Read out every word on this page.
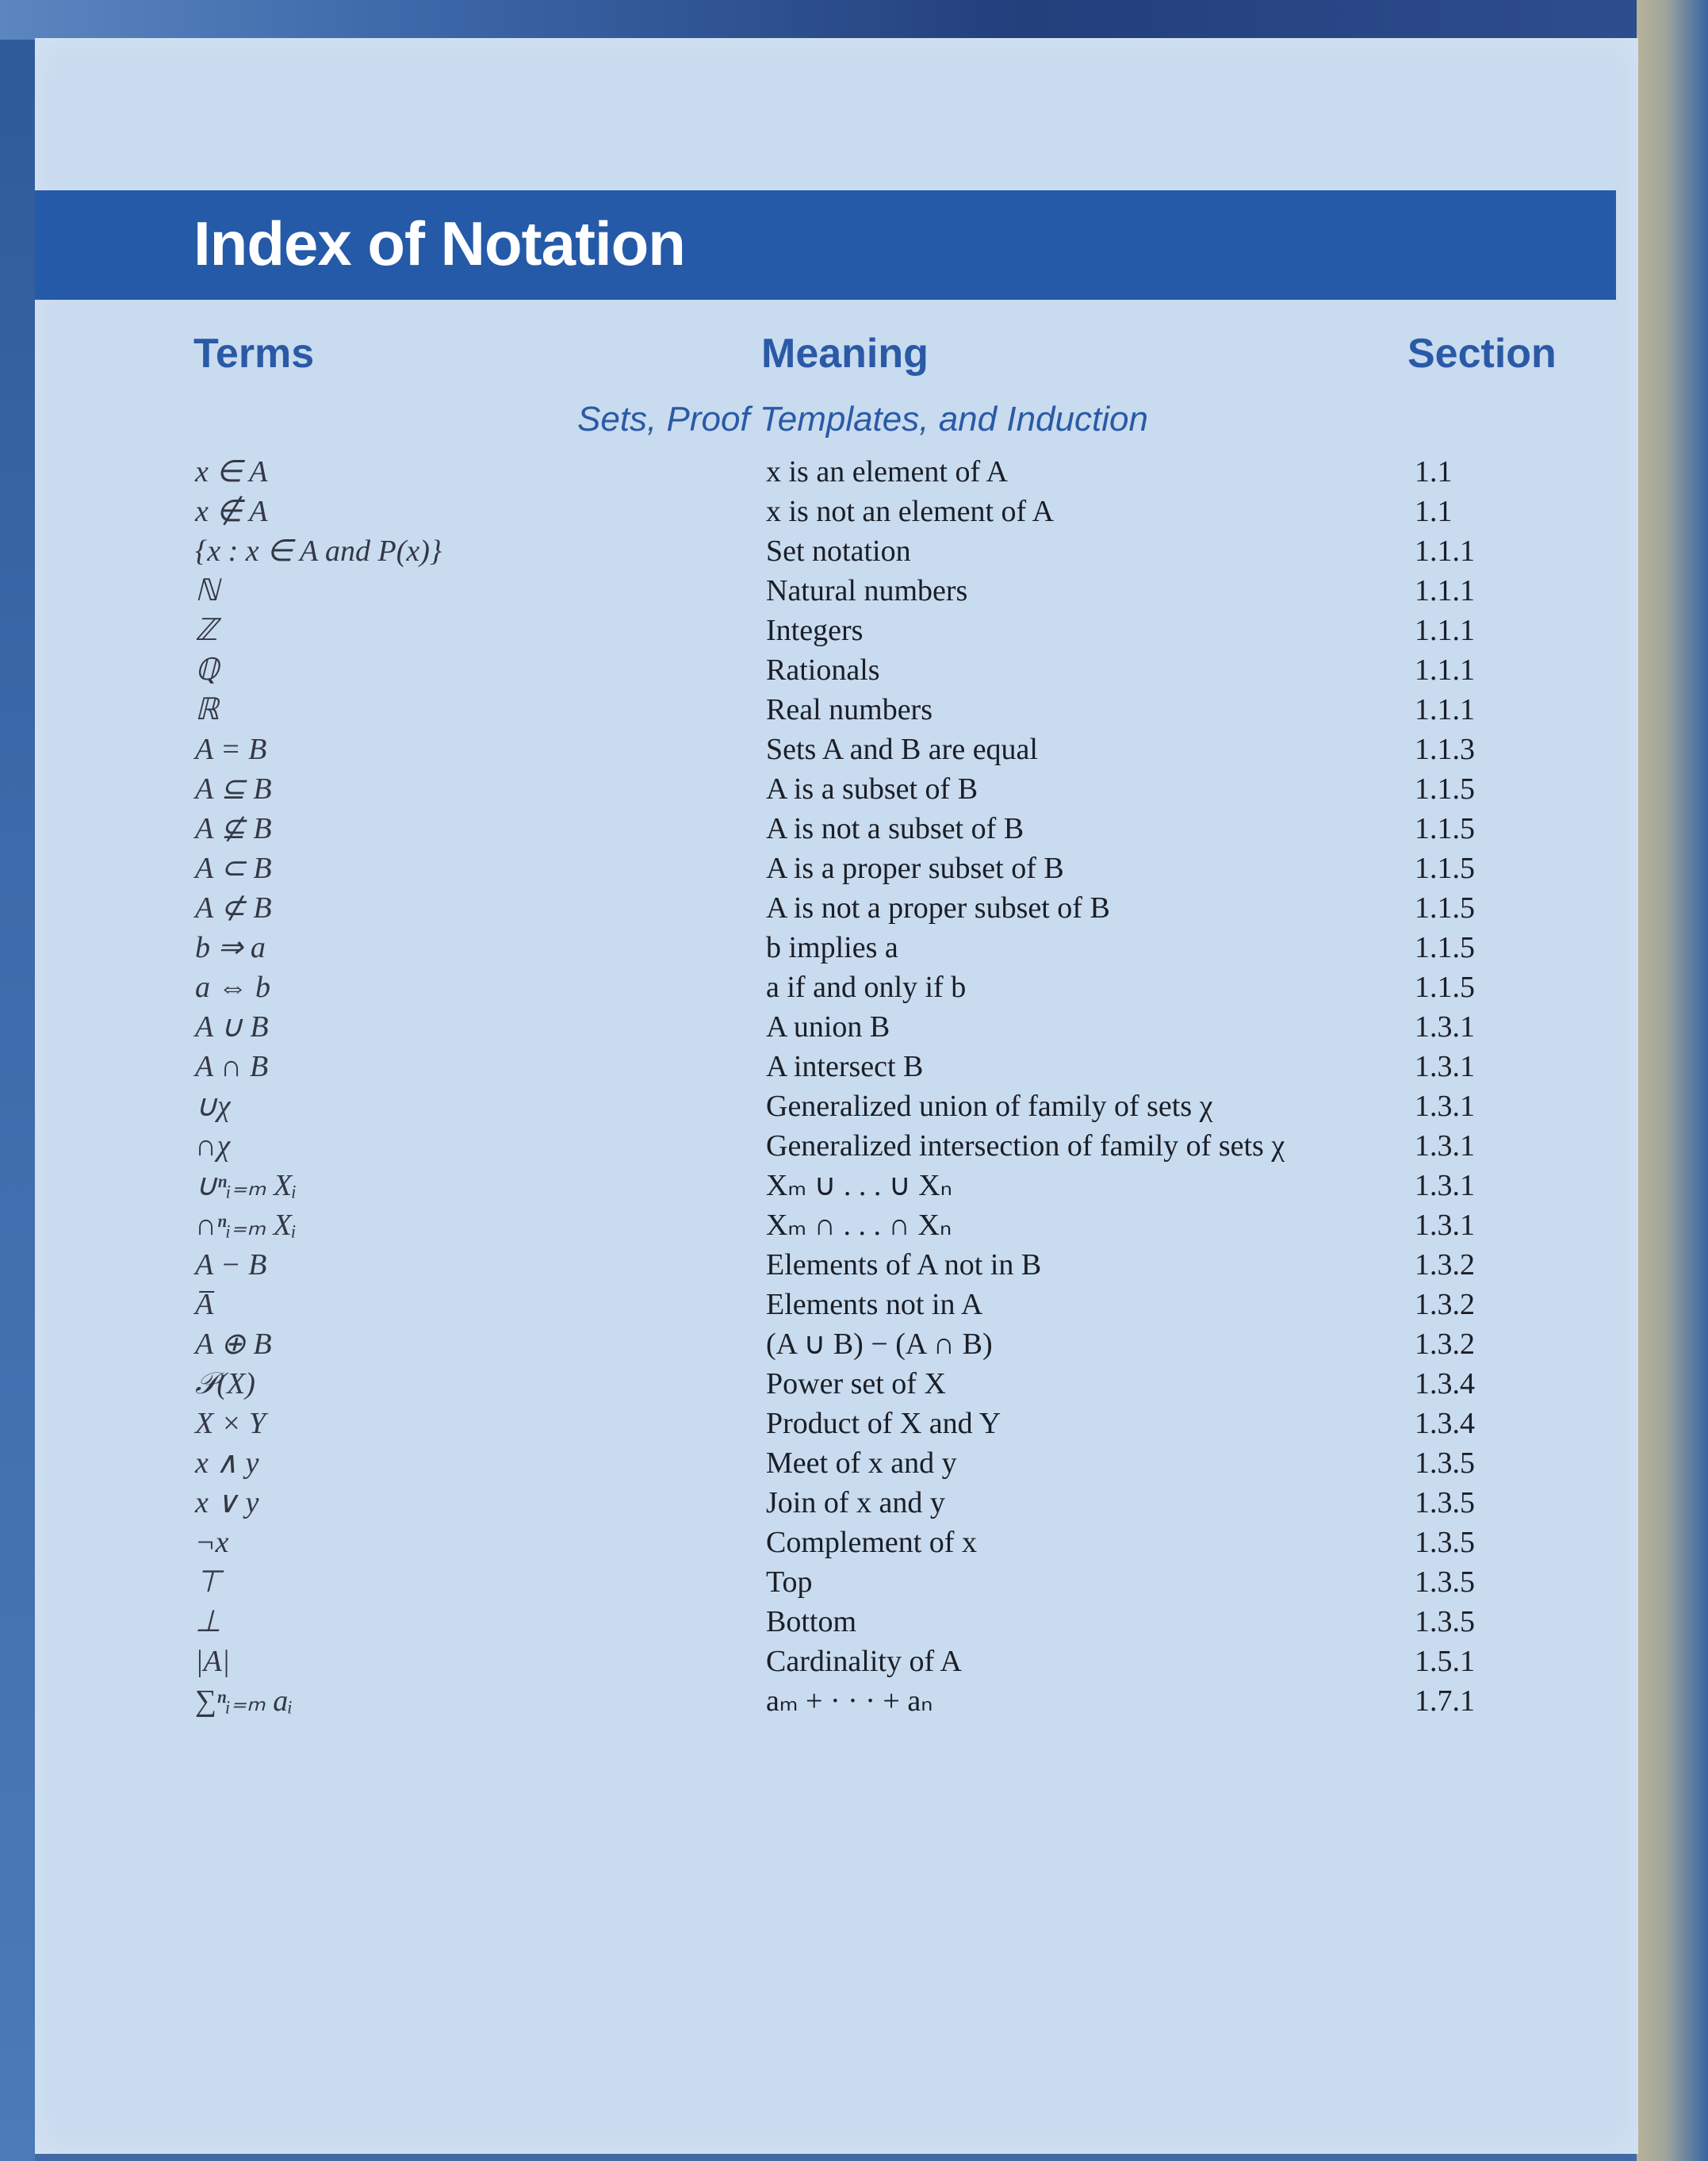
Index of Notation
Terms	Meaning	Section
Sets, Proof Templates, and Induction
x ∈ A	x is an element of A	1.1
x ∉ A	x is not an element of A	1.1
{x : x ∈ A and P(x)}	Set notation	1.1.1
ℕ	Natural numbers	1.1.1
ℤ	Integers	1.1.1
ℚ	Rationals	1.1.1
ℝ	Real numbers	1.1.1
A = B	Sets A and B are equal	1.1.3
A ⊆ B	A is a subset of B	1.1.5
A ⊈ B	A is not a subset of B	1.1.5
A ⊂ B	A is a proper subset of B	1.1.5
A ⊄ B	A is not a proper subset of B	1.1.5
b ⇒ a	b implies a	1.1.5
a ⇔ b	a if and only if b	1.1.5
A ∪ B	A union B	1.3.1
A ∩ B	A intersect B	1.3.1
∪χ	Generalized union of family of sets χ	1.3.1
∩χ	Generalized intersection of family of sets χ	1.3.1
∪ⁿᵢ₌ₘ Xᵢ	Xₘ ∪ . . . ∪ Xₙ	1.3.1
∩ⁿᵢ₌ₘ Xᵢ	Xₘ ∩ . . . ∩ Xₙ	1.3.1
A − B	Elements of A not in B	1.3.2
A̅	Elements not in A	1.3.2
A ⊕ B	(A ∪ B) − (A ∩ B)	1.3.2
𝒫(X)	Power set of X	1.3.4
X × Y	Product of X and Y	1.3.4
x ∧ y	Meet of x and y	1.3.5
x ∨ y	Join of x and y	1.3.5
¬x	Complement of x	1.3.5
⊤	Top	1.3.5
⊥	Bottom	1.3.5
|A|	Cardinality of A	1.5.1
∑ⁿᵢ₌ₘ aᵢ	aₘ + · · · + aₙ	1.7.1
